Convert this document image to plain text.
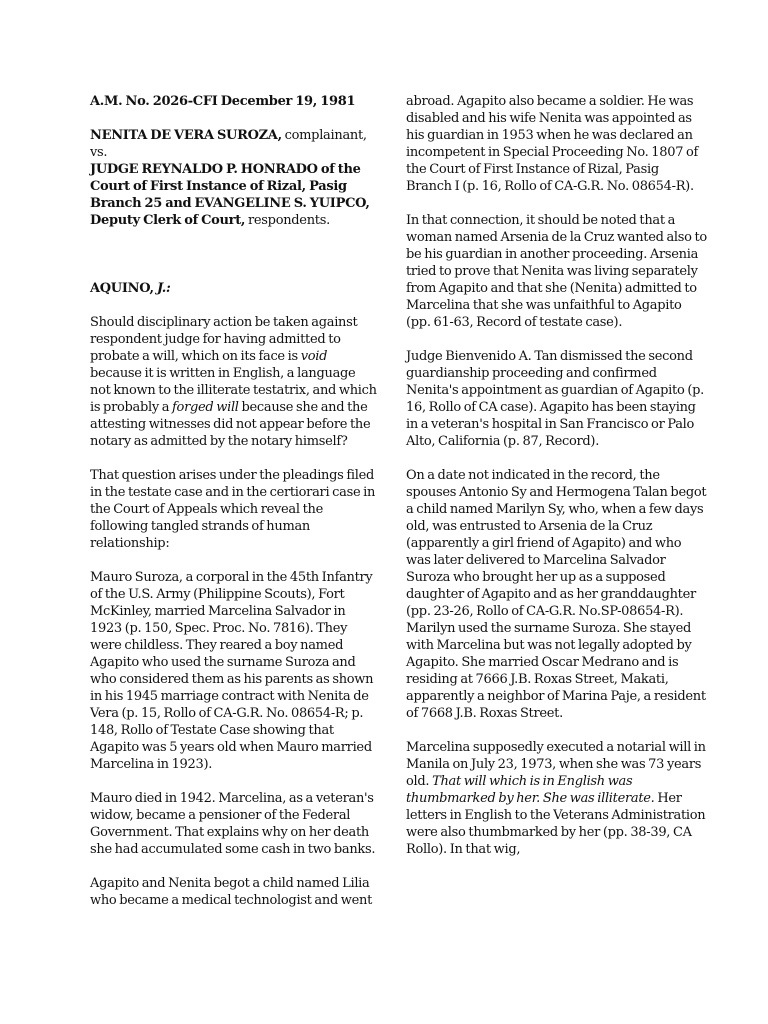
A.M. No. 2026-CFI December 19, 1981

NENITA DE VERA SUROZA, complainant,
vs.
JUDGE REYNALDO P. HONRADO of the Court of First Instance of Rizal, Pasig Branch 25 and EVANGELINE S. YUIPCO, Deputy Clerk of Court, respondents.

AQUINO, J.:

Should disciplinary action be taken against respondent judge for having admitted to probate a will, which on its face is void because it is written in English, a language not known to the illiterate testatrix, and which is probably a forged will because she and the attesting witnesses did not appear before the notary as admitted by the notary himself?

That question arises under the pleadings filed in the testate case and in the certiorari case in the Court of Appeals which reveal the following tangled strands of human relationship:

Mauro Suroza, a corporal in the 45th Infantry of the U.S. Army (Philippine Scouts), Fort McKinley, married Marcelina Salvador in 1923 (p. 150, Spec. Proc. No. 7816). They were childless. They reared a boy named Agapito who used the surname Suroza and who considered them as his parents as shown in his 1945 marriage contract with Nenita de Vera (p. 15, Rollo of CA-G.R. No. 08654-R; p. 148, Rollo of Testate Case showing that Agapito was 5 years old when Mauro married Marcelina in 1923).

Mauro died in 1942. Marcelina, as a veteran's widow, became a pensioner of the Federal Government. That explains why on her death she had accumulated some cash in two banks.

Agapito and Nenita begot a child named Lilia who became a medical technologist and went

abroad. Agapito also became a soldier. He was disabled and his wife Nenita was appointed as his guardian in 1953 when he was declared an incompetent in Special Proceeding No. 1807 of the Court of First Instance of Rizal, Pasig Branch I (p. 16, Rollo of CA-G.R. No. 08654-R).

In that connection, it should be noted that a woman named Arsenia de la Cruz wanted also to be his guardian in another proceeding. Arsenia tried to prove that Nenita was living separately from Agapito and that she (Nenita) admitted to Marcelina that she was unfaithful to Agapito (pp. 61-63, Record of testate case).

Judge Bienvenido A. Tan dismissed the second guardianship proceeding and confirmed Nenita's appointment as guardian of Agapito (p. 16, Rollo of CA case). Agapito has been staying in a veteran's hospital in San Francisco or Palo Alto, California (p. 87, Record).

On a date not indicated in the record, the spouses Antonio Sy and Hermogena Talan begot a child named Marilyn Sy, who, when a few days old, was entrusted to Arsenia de la Cruz (apparently a girl friend of Agapito) and who was later delivered to Marcelina Salvador Suroza who brought her up as a supposed daughter of Agapito and as her granddaughter (pp. 23-26, Rollo of CA-G.R. No.SP-08654-R). Marilyn used the surname Suroza. She stayed with Marcelina but was not legally adopted by Agapito. She married Oscar Medrano and is residing at 7666 J.B. Roxas Street, Makati, apparently a neighbor of Marina Paje, a resident of 7668 J.B. Roxas Street.

Marcelina supposedly executed a notarial will in Manila on July 23, 1973, when she was 73 years old. That will which is in English was thumbmarked by her. She was illiterate. Her letters in English to the Veterans Administration were also thumbmarked by her (pp. 38-39, CA Rollo). In that wig,
